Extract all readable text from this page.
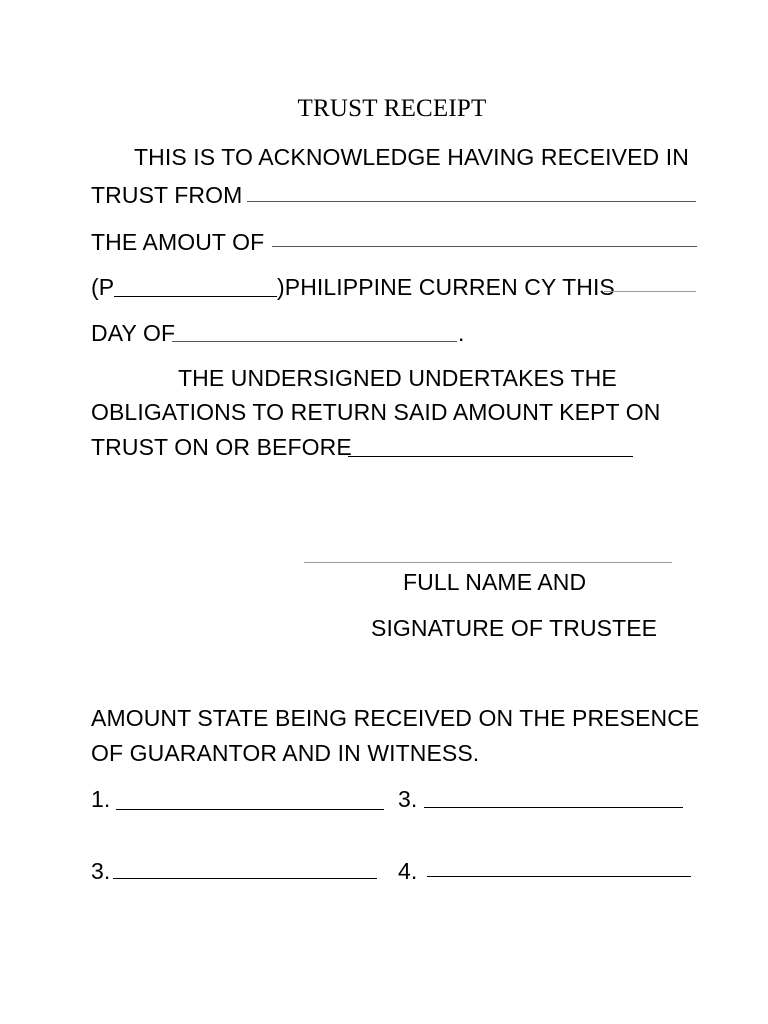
TRUST RECEIPT
THIS IS TO ACKNOWLEDGE HAVING RECEIVED IN
TRUST FROM
THE AMOUT OF
(P	)PHILIPPINE CURREN CY THIS
DAY OF	.
THE UNDERSIGNED UNDERTAKES THE
OBLIGATIONS TO RETURN SAID AMOUNT KEPT ON
TRUST ON OR BEFORE
FULL NAME AND
SIGNATURE OF TRUSTEE
AMOUNT STATE BEING RECEIVED ON THE PRESENCE
OF GUARANTOR AND IN WITNESS.
1.	3.
3.	4.
